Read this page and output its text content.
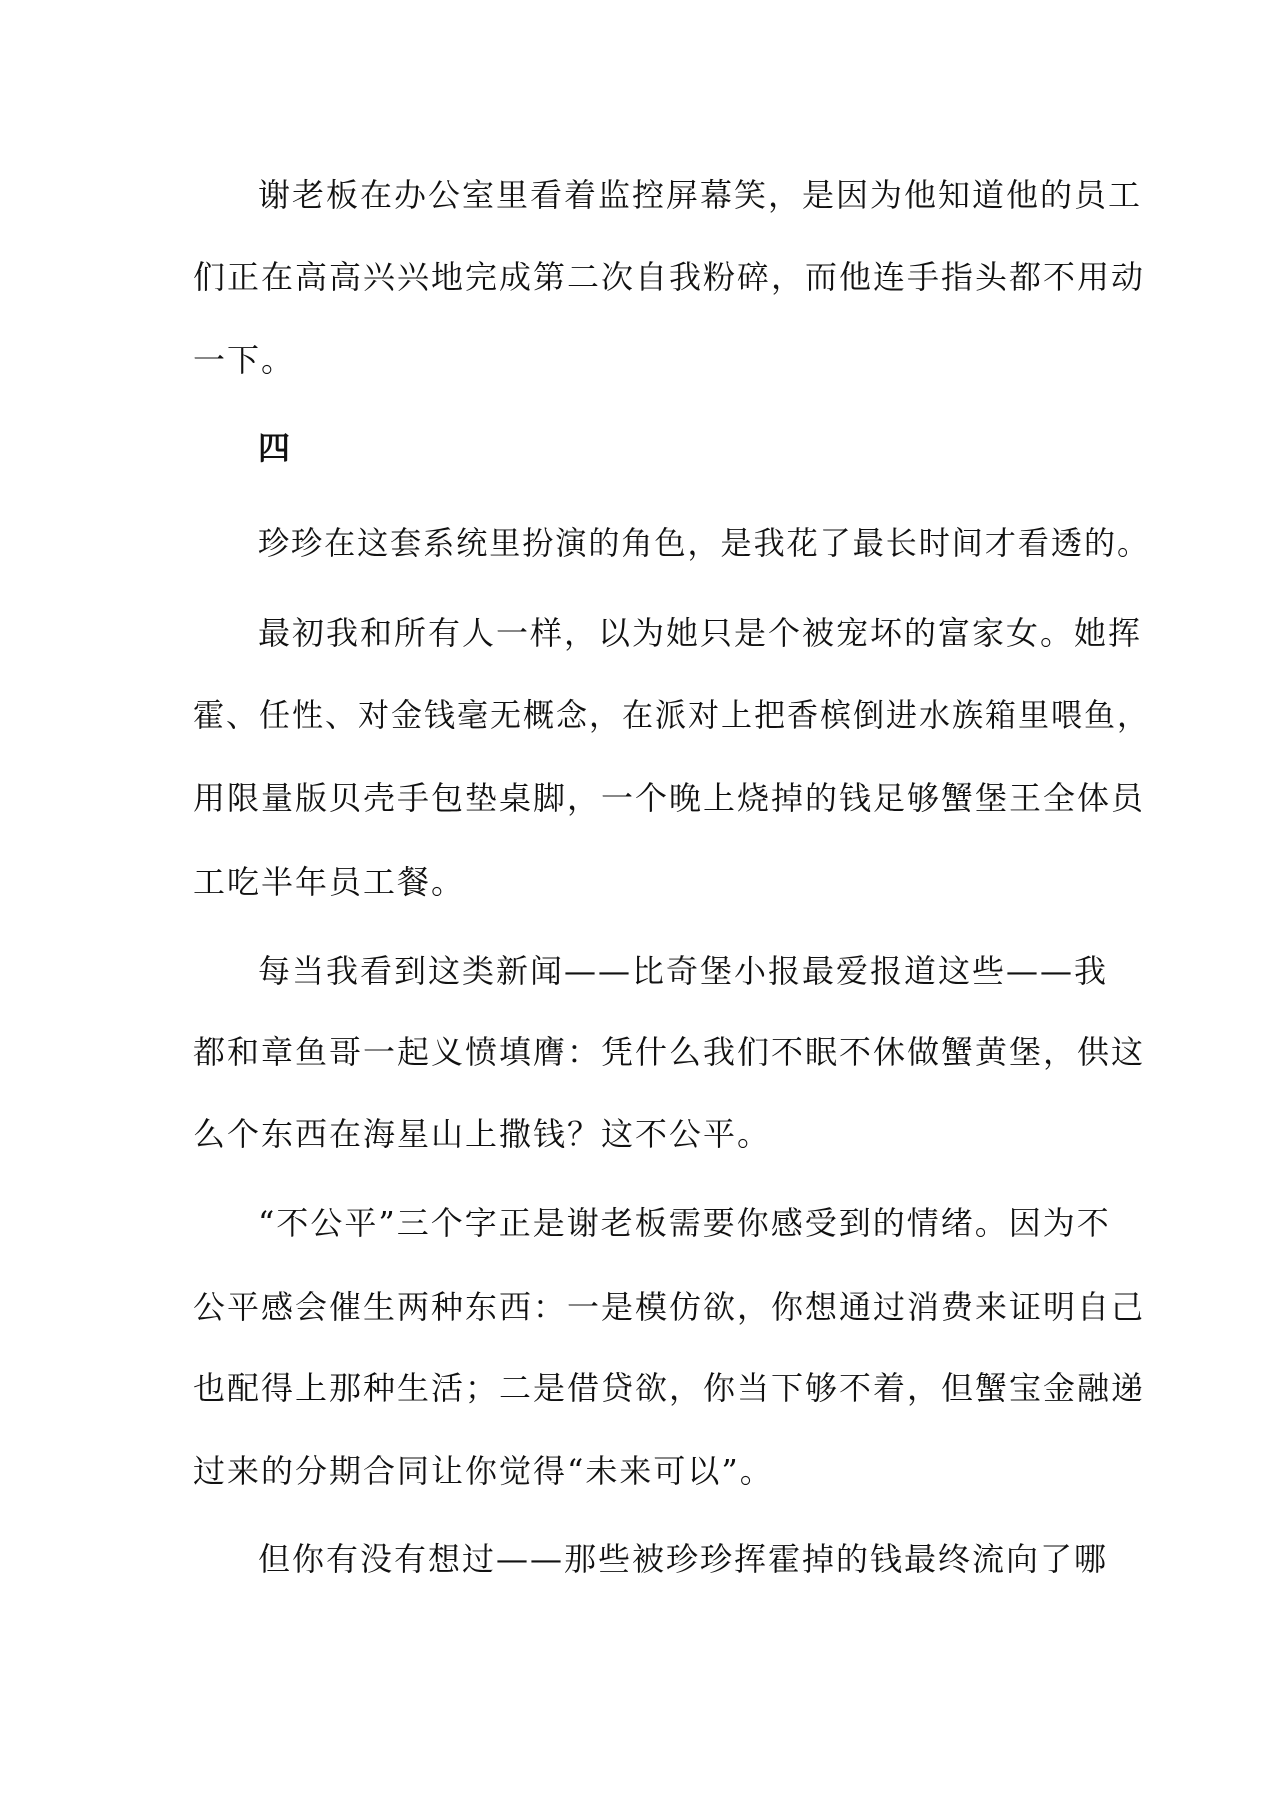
谢老板在办公室里看着监控屏幕笑，是因为他知道他的员工
们正在高高兴兴地完成第二次自我粉碎，而他连手指头都不用动
一下。
四
珍珍在这套系统里扮演的角色，是我花了最长时间才看透的。
最初我和所有人一样，以为她只是个被宠坏的富家女。她挥
霍、任性、对金钱毫无概念，在派对上把香槟倒进水族箱里喂鱼，
用限量版贝壳手包垫桌脚，一个晚上烧掉的钱足够蟹堡王全体员
工吃半年员工餐。
每当我看到这类新闻——比奇堡小报最爱报道这些——我
都和章鱼哥一起义愤填膺：凭什么我们不眠不休做蟹黄堡，供这
么个东西在海星山上撒钱？这不公平。
“不公平”三个字正是谢老板需要你感受到的情绪。因为不
公平感会催生两种东西：一是模仿欲，你想通过消费来证明自己
也配得上那种生活；二是借贷欲，你当下够不着，但蟹宝金融递
过来的分期合同让你觉得“未来可以”。
但你有没有想过——那些被珍珍挥霍掉的钱最终流向了哪
